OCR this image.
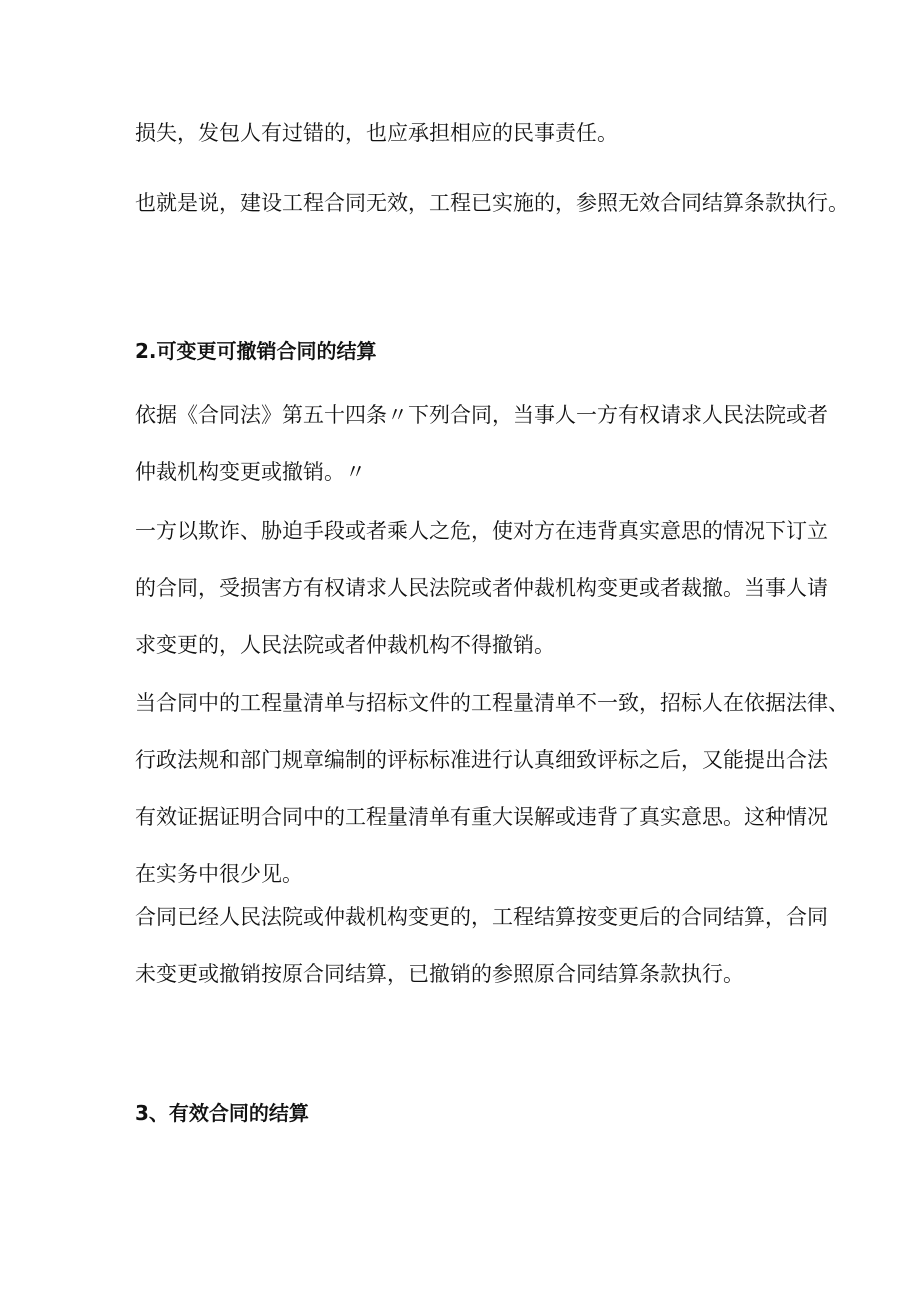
损失，发包人有过错的，也应承担相应的民事责任。

也就是说，建设工程合同无效，工程已实施的，参照无效合同结算条款执行。

2.可变更可撤销合同的结算

依据《合同法》第五十四条〃下列合同，当事人一方有权请求人民法院或者
仲裁机构变更或撤销。〃

一方以欺诈、胁迫手段或者乘人之危，使对方在违背真实意思的情况下订立
的合同，受损害方有权请求人民法院或者仲裁机构变更或者裁撤。当事人请
求变更的，人民法院或者仲裁机构不得撤销。

当合同中的工程量清单与招标文件的工程量清单不一致，招标人在依据法律、
行政法规和部门规章编制的评标标准进行认真细致评标之后，又能提出合法
有效证据证明合同中的工程量清单有重大误解或违背了真实意思。这种情况
在实务中很少见。

合同已经人民法院或仲裁机构变更的，工程结算按变更后的合同结算，合同
未变更或撤销按原合同结算，已撤销的参照原合同结算条款执行。

3、有效合同的结算
